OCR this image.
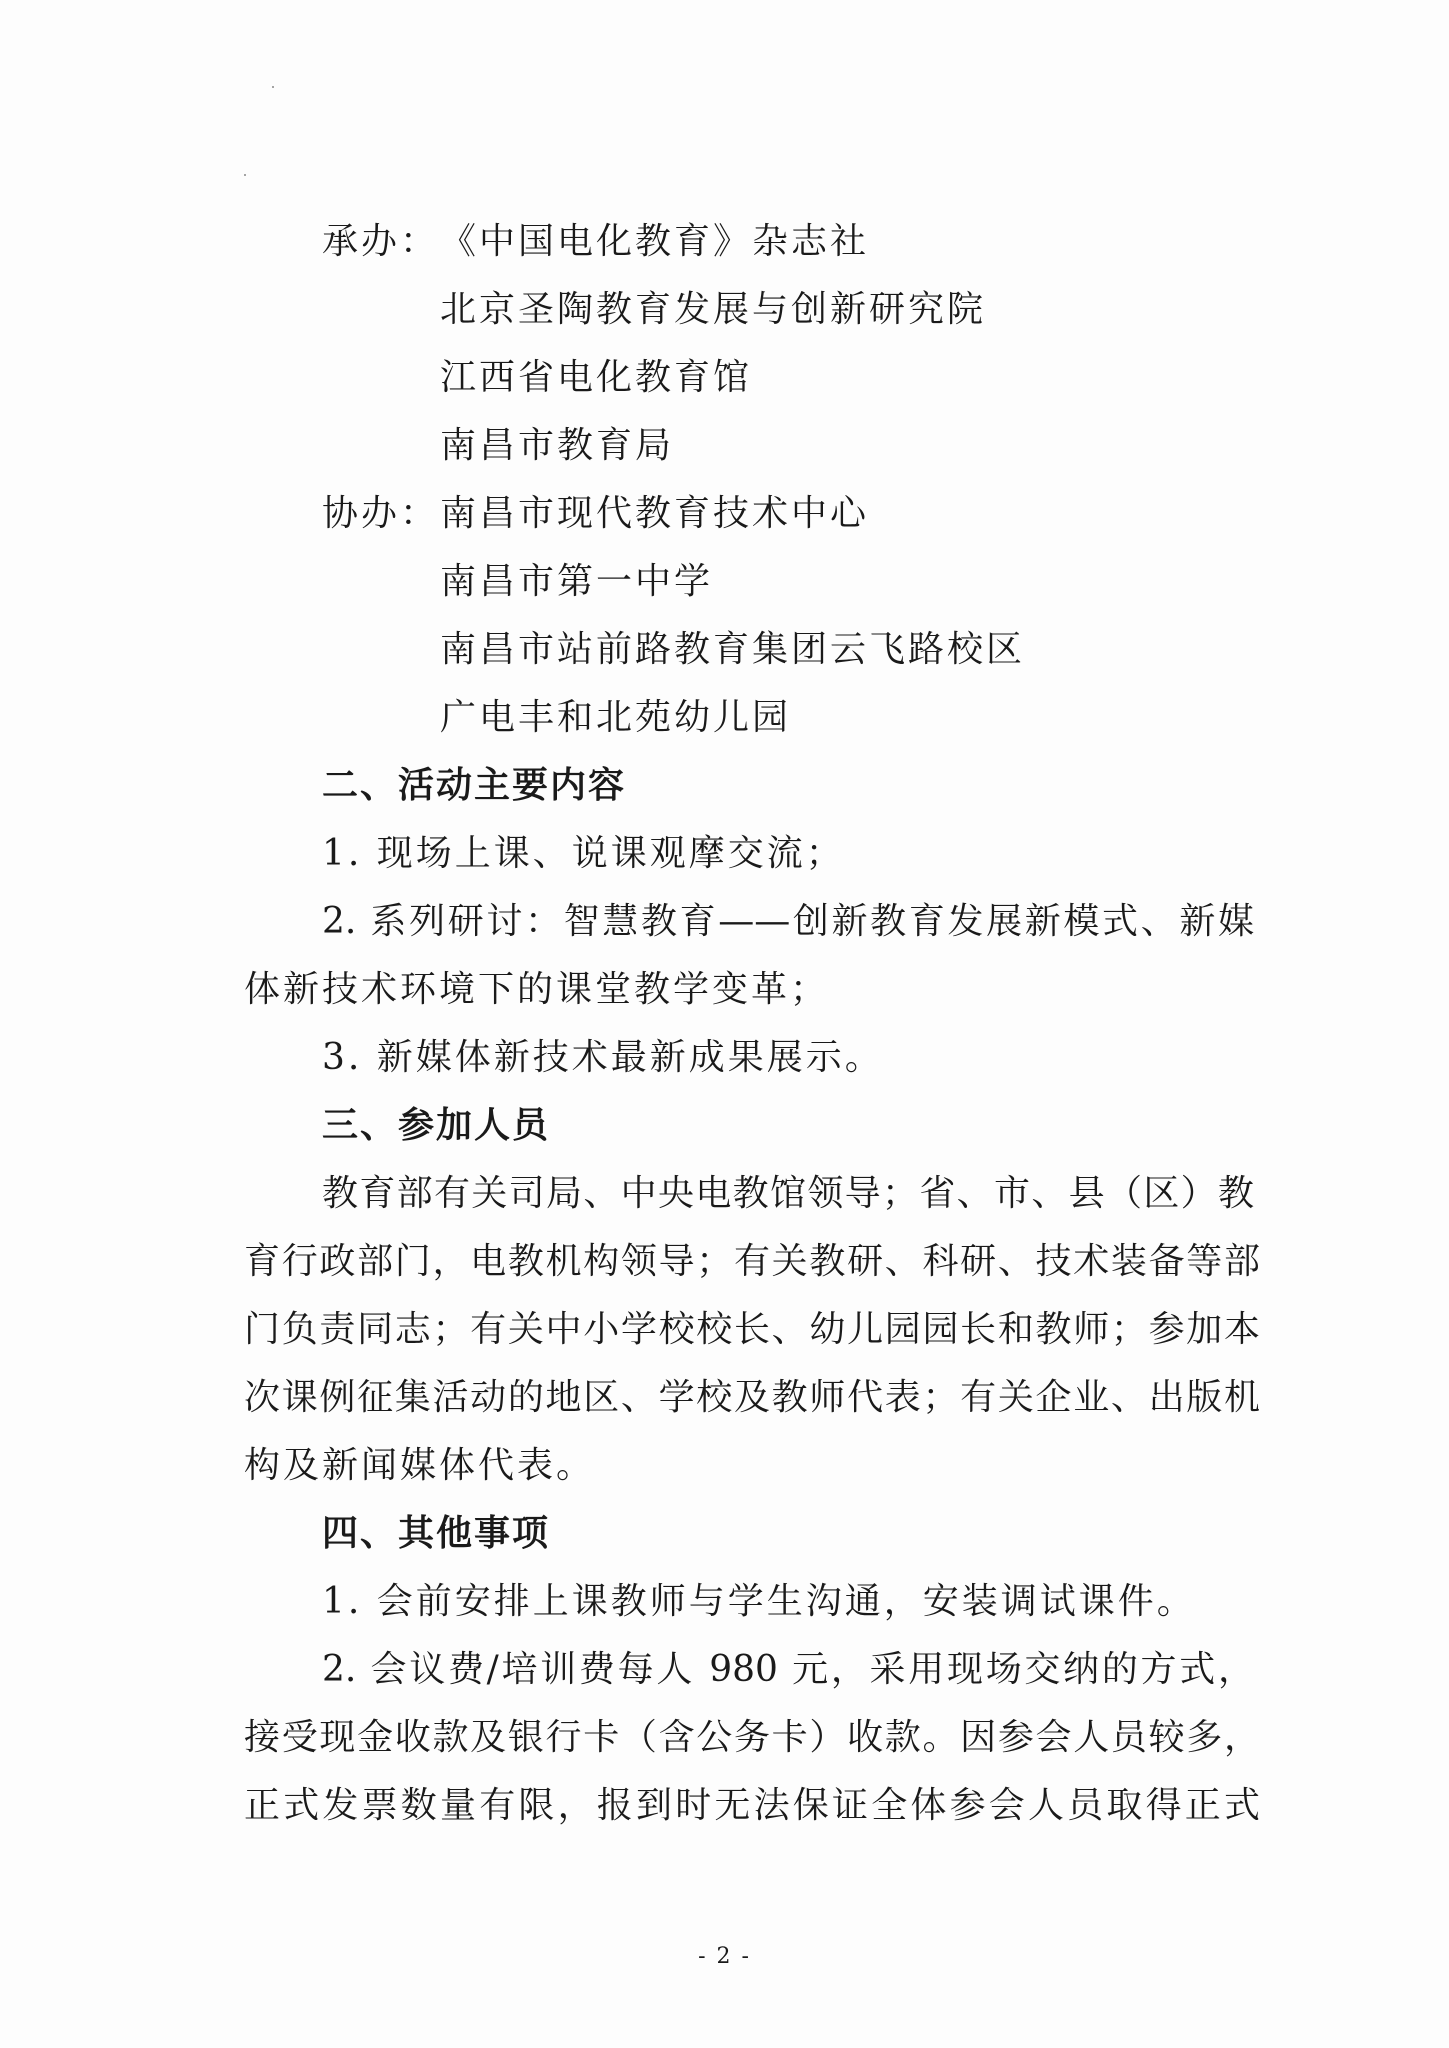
承办： 《中国电化教育》杂志社
北京圣陶教育发展与创新研究院
江西省电化教育馆
南昌市教育局
协办： 南昌市现代教育技术中心
南昌市第一中学
南昌市站前路教育集团云飞路校区
广电丰和北苑幼儿园
二、活动主要内容
1. 现场上课、说课观摩交流；
2. 系列研讨：智慧教育——创新教育发展新模式、新媒
体新技术环境下的课堂教学变革；
3. 新媒体新技术最新成果展示。
三、参加人员
教育部有关司局、中央电教馆领导；省、市、县（区）教
育行政部门，电教机构领导；有关教研、科研、技术装备等部
门负责同志；有关中小学校校长、幼儿园园长和教师；参加本
次课例征集活动的地区、学校及教师代表；有关企业、出版机
构及新闻媒体代表。
四、其他事项
1. 会前安排上课教师与学生沟通，安装调试课件。
2. 会议费/培训费每人 980 元，采用现场交纳的方式，
接受现金收款及银行卡（含公务卡）收款。因参会人员较多，
正式发票数量有限，报到时无法保证全体参会人员取得正式
- 2 -
